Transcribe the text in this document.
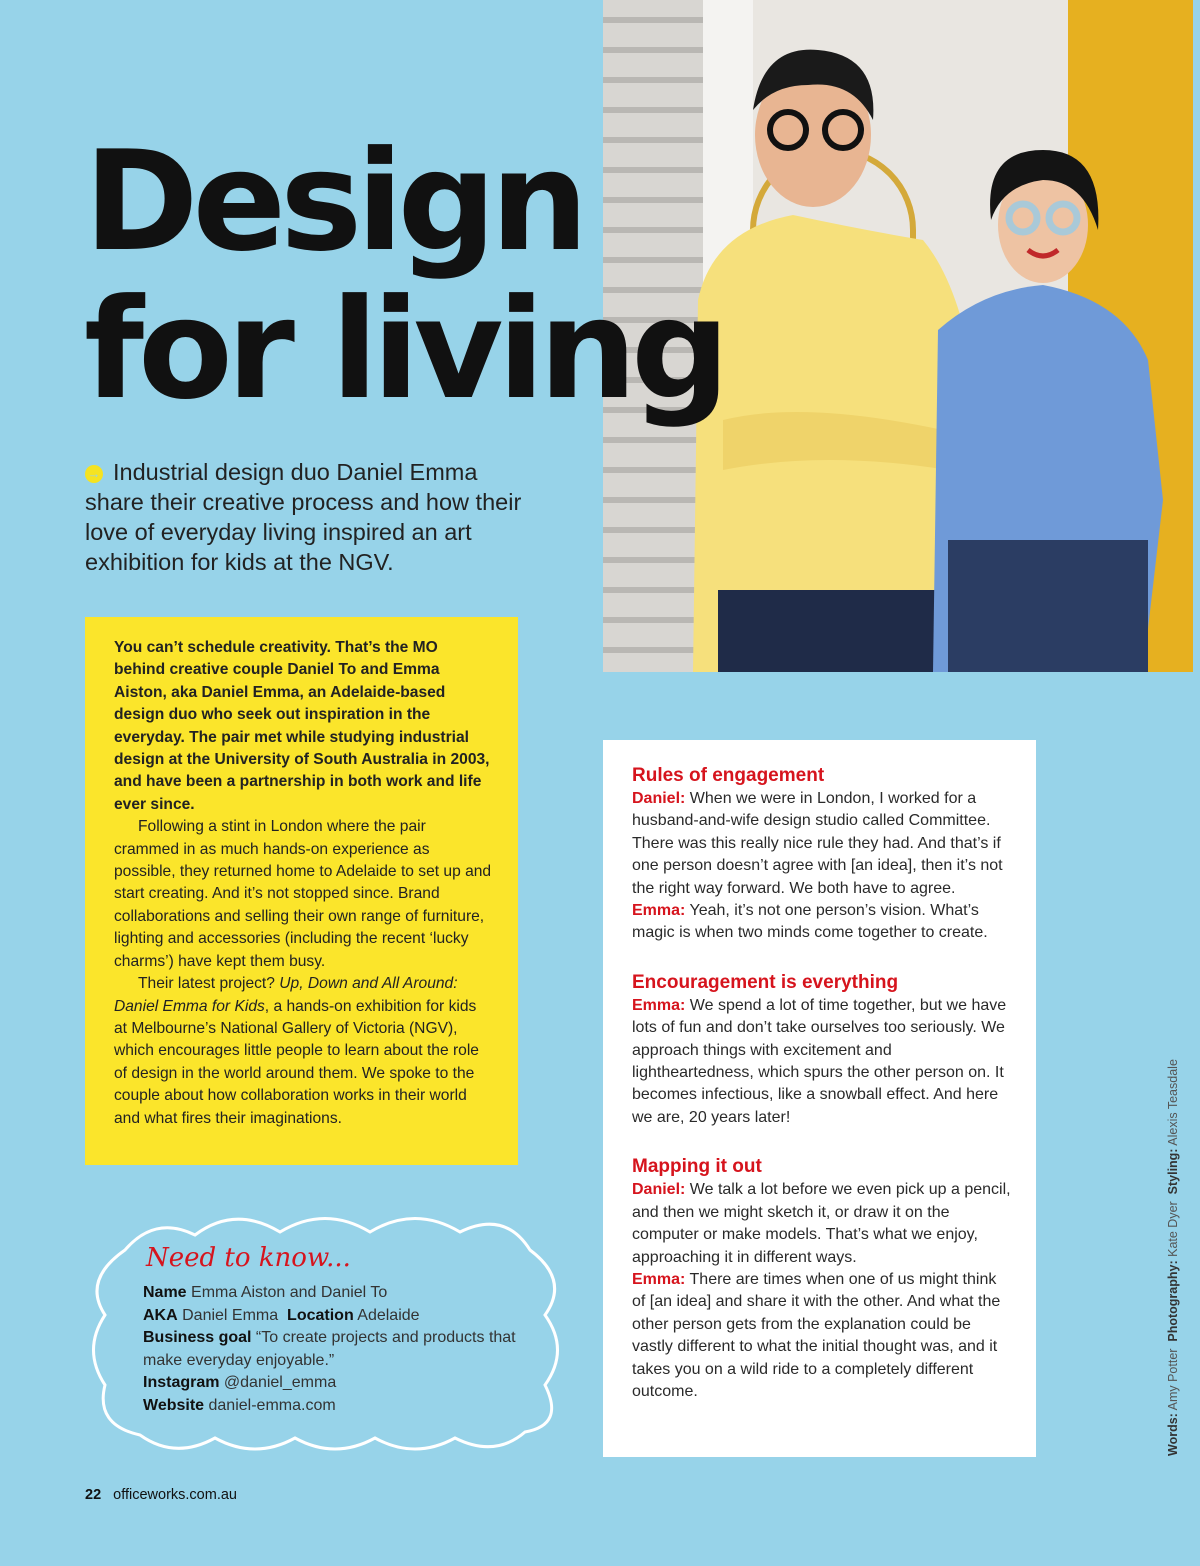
Design
for living

→ Industrial design duo Daniel Emma share their creative process and how their love of everyday living inspired an art exhibition for kids at the NGV.

You can’t schedule creativity. That’s the MO behind creative couple Daniel To and Emma Aiston, aka Daniel Emma, an Adelaide-based design duo who seek out inspiration in the everyday. The pair met while studying industrial design at the University of South Australia in 2003, and have been a partnership in both work and life ever since.

Following a stint in London where the pair crammed in as much hands-on experience as possible, they returned home to Adelaide to set up and start creating. And it’s not stopped since. Brand collaborations and selling their own range of furniture, lighting and accessories (including the recent ‘lucky charms’) have kept them busy.

Their latest project? Up, Down and All Around: Daniel Emma for Kids, a hands-on exhibition for kids at Melbourne’s National Gallery of Victoria (NGV), which encourages little people to learn about the role of design in the world around them. We spoke to the couple about how collaboration works in their world and what fires their imaginations.

Rules of engagement

Daniel: When we were in London, I worked for a husband-and-wife design studio called Committee. There was this really nice rule they had. And that’s if one person doesn’t agree with [an idea], then it’s not the right way forward. We both have to agree.

Emma: Yeah, it’s not one person’s vision. What’s magic is when two minds come together to create.

Encouragement is everything

Emma: We spend a lot of time together, but we have lots of fun and don’t take ourselves too seriously. We approach things with excitement and lightheartedness, which spurs the other person on. It becomes infectious, like a snowball effect. And here we are, 20 years later!

Mapping it out

Daniel: We talk a lot before we even pick up a pencil, and then we might sketch it, or draw it on the computer or make models. That’s what we enjoy, approaching it in different ways.

Emma: There are times when one of us might think of [an idea] and share it with the other. And what the other person gets from the explanation could be vastly different to what the initial thought was, and it takes you on a wild ride to a completely different outcome.

Need to know...
Name Emma Aiston and Daniel To
AKA Daniel Emma  Location Adelaide
Business goal “To create projects and products that make everyday enjoyable.”
Instagram @daniel_emma
Website daniel-emma.com
22 officeworks.com.au
Words: Amy Potter  Photography: Kate Dyer  Styling: Alexis Teasdale
